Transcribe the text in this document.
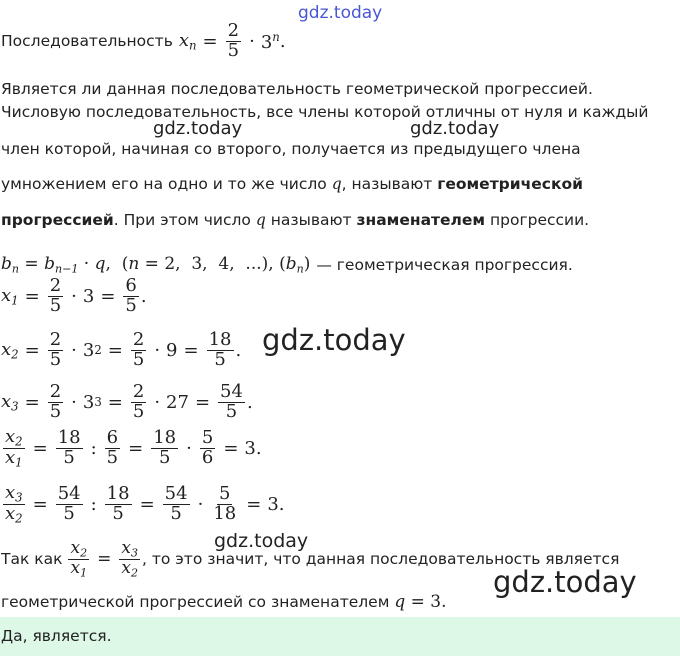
gdz.today
gdz.today	gdz.today
gdz.today
gdz.today
gdz.today
Последовательность $x_n = \frac{2}{5} \cdot 3^n$ .
Является ли данная последовательность геометрической прогрессией.
Числовую последовательность, все члены которой отличны от нуля и каждый
член которой, начиная со второго, получается из предыдущего члена
умножением его на одно и то же число q, называют геометрической
прогрессией. При этом число q называют знаменателем прогрессии.
$b_n = b_{n-1} \cdot q$,  (n = 2,  3,  4,  ...), $(b_n)$ — геометрическая прогрессия.
$x_1 = \frac{2}{5} \cdot 3 = \frac{6}{5}$ .
$x_2 = \frac{2}{5} \cdot 3$ $2 = \frac{2}{5} \cdot 9 = \frac{18}{5}$ .
$x_3 = \frac{2}{5} \cdot 3$ $3 = \frac{2}{5} \cdot 27 = \frac{54}{5}$ .
$\frac{x_2}{x_1} = \frac{18}{5}$ : $\frac{6}{5} = \frac{18}{5} \cdot \frac{5}{6} = 3$.
$\frac{x_3}{x_2} = \frac{54}{5}$ : $\frac{18}{5} = \frac{54}{5} \cdot \frac{5}{18} = 3$.
Так как $\frac{x_2}{x_1} = \frac{x_3}{x_2}$ , то это значит, что данная последовательность является
геометрической прогрессией со знаменателем q = 3.
Да, является.
